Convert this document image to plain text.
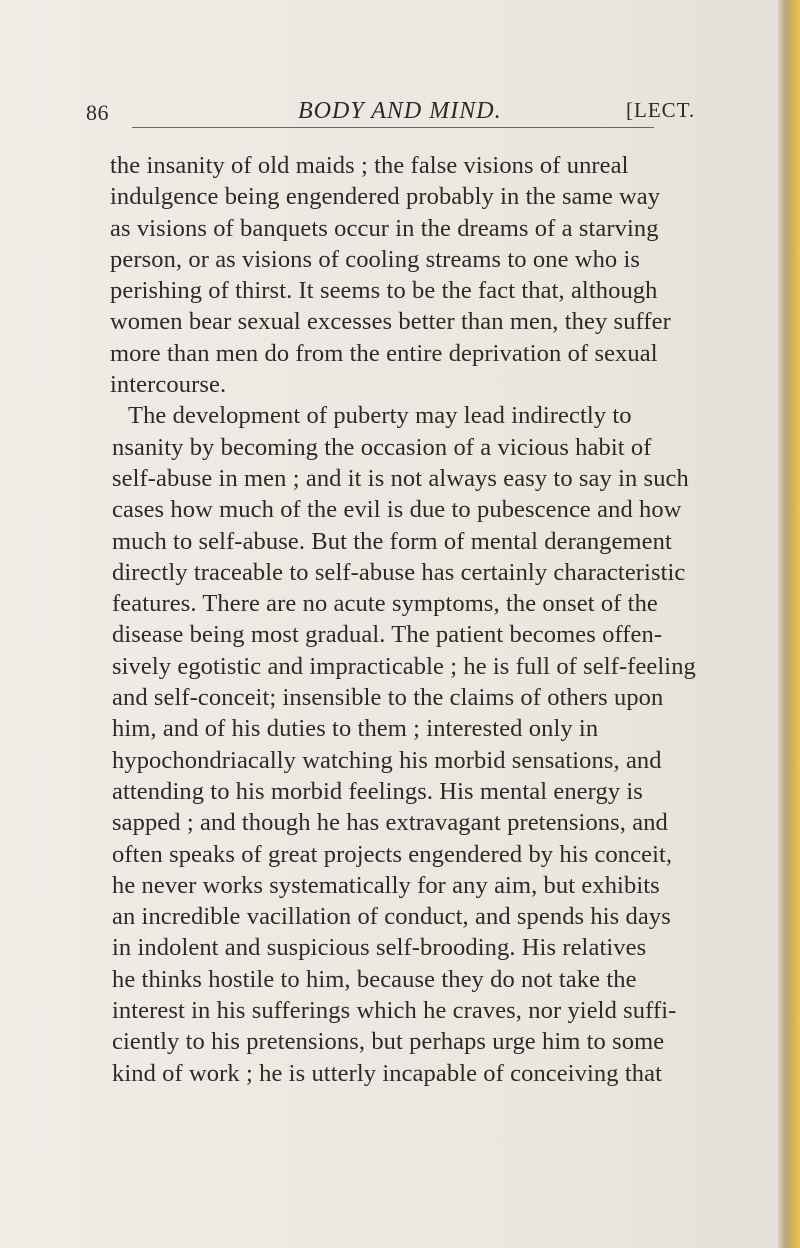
86	BODY AND MIND.	[LECT.
the insanity of old maids ; the false visions of unreal
indulgence being engendered probably in the same way
as visions of banquets occur in the dreams of a starving
person, or as visions of cooling streams to one who is
perishing of thirst. It seems to be the fact that, although
women bear sexual excesses better than men, they suffer
more than men do from the entire deprivation of sexual
intercourse.
The development of puberty may lead indirectly to
nsanity by becoming the occasion of a vicious habit of
self-abuse in men ; and it is not always easy to say in such
cases how much of the evil is due to pubescence and how
much to self-abuse. But the form of mental derangement
directly traceable to self-abuse has certainly characteristic
features. There are no acute symptoms, the onset of the
disease being most gradual. The patient becomes offen-
sively egotistic and impracticable ; he is full of self-feeling
and self-conceit; insensible to the claims of others upon
him, and of his duties to them ; interested only in
hypochondriacally watching his morbid sensations, and
attending to his morbid feelings. His mental energy is
sapped ; and though he has extravagant pretensions, and
often speaks of great projects engendered by his conceit,
he never works systematically for any aim, but exhibits
an incredible vacillation of conduct, and spends his days
in indolent and suspicious self-brooding. His relatives
he thinks hostile to him, because they do not take the
interest in his sufferings which he craves, nor yield suffi-
ciently to his pretensions, but perhaps urge him to some
kind of work ; he is utterly incapable of conceiving that
